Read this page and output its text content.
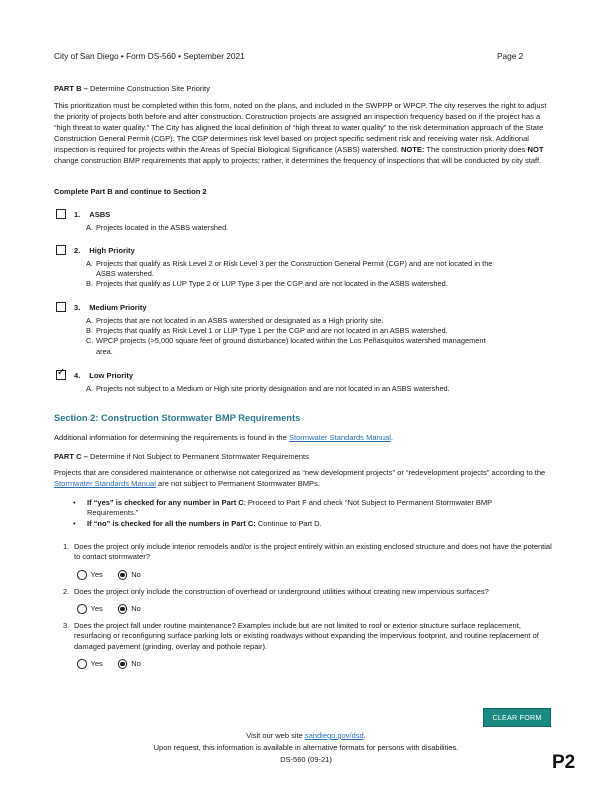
City of San Diego • Form DS-560 • September 2021	Page 2
PART B – Determine Construction Site Priority
This prioritization must be completed within this form, noted on the plans, and included in the SWPPP or WPCP. The city reserves the right to adjust the priority of projects both before and after construction. Construction projects are assigned an inspection frequency based on if the project has a “high threat to water quality.” The City has aligned the local definition of “high threat to water quality” to the risk determination approach of the State Construction General Permit (CGP). The CGP determines risk level based on project specific sediment risk and receiving water risk. Additional inspection is required for projects within the Areas of Special Biological Significance (ASBS) watershed. NOTE: The construction priority does NOT change construction BMP requirements that apply to projects; rather, it determines the frequency of inspections that will be conducted by city staff.
Complete Part B and continue to Section 2
1.
ASBS
A. Projects located in the ASBS watershed.
2.
High Priority
A. Projects that qualify as Risk Level 2 or Risk Level 3 per the Construction General Permit (CGP) and are not located in the
ASBS watershed.
B. Projects that qualify as LUP Type 2 or LUP Type 3 per the CGP and are not located in the ASBS watershed.
3.
Medium Priority
A. Projects that are not located in an ASBS watershed or designated as a High priority site.
B. Projects that qualify as Risk Level 1 or LUP Type 1 per the CGP and are not located in an ASBS watershed.
C. WPCP projects (>5,000 square feet of ground disturbance) located within the Los Peñasquitos watershed management
area.
✓
4.
Low Priority
A. Projects not subject to a Medium or High site priority designation and are not located in an ASBS watershed.
Section 2: Construction Stormwater BMP Requirements
Additional information for determining the requirements is found in the Stormwater Standards Manual.
PART C – Determine if Not Subject to Permanent Stormwater Requirements
Projects that are considered maintenance or otherwise not categorized as “new development projects” or “redevelopment projects” according to the Stormwater Standards Manual are not subject to Permanent Stormwater BMPs.
• If “yes” is checked for any number in Part C: Proceed to Part F and check “Not Subject to Permanent Stormwater BMP Requirements.”
• If “no” is checked for all the numbers in Part C: Continue to Part D.
1. Does the project only include interior remodels and/or is the project entirely within an existing enclosed structure and does not have the potential to contact stormwater?
Yes	No
2. Does the project only include the construction of overhead or underground utilities without creating new impervious surfaces?
Yes	No
3. Does the project fall under routine maintenance? Examples include but are not limited to roof or exterior structure surface replacement, resurfacing or reconfiguring surface parking lots or existing roadways without expanding the impervious footprint, and routine replacement of damaged pavement (grinding, overlay and pothole repair).
Yes	No
CLEAR FORM
Visit our web site sandiego.gov/dsd.
Upon request, this information is available in alternative formats for persons with disabilities.
DS-560 (09-21)	P2
